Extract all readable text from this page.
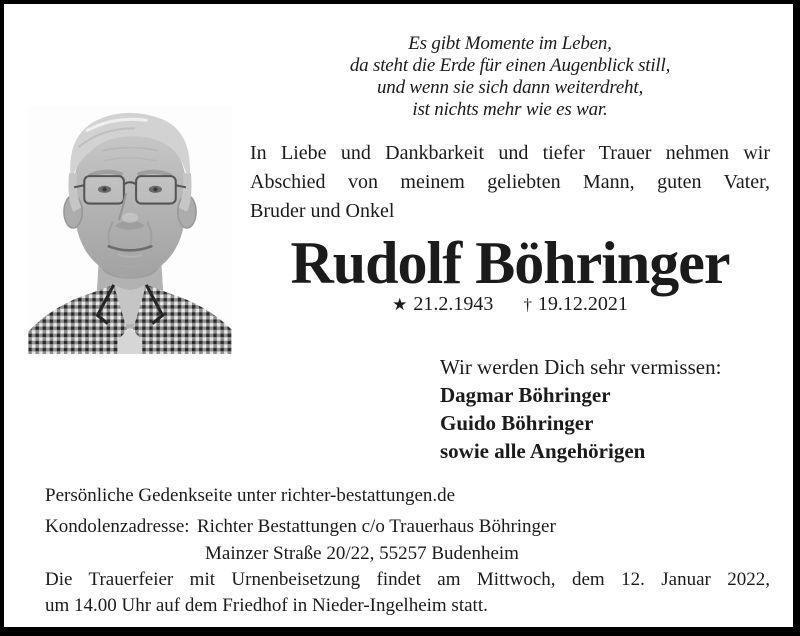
Es gibt Momente im Leben,
da steht die Erde für einen Augenblick still,
und wenn sie sich dann weiterdreht,
ist nichts mehr wie es war.
In Liebe und Dankbarkeit und tiefer Trauer nehmen wir
Abschied von meinem geliebten Mann, guten Vater,
Bruder und Onkel
Rudolf Böhringer
★ 21.2.1943 † 19.12.2021
Wir werden Dich sehr vermissen:
Dagmar Böhringer
Guido Böhringer
sowie alle Angehörigen
Persönliche Gedenkseite unter richter-bestattungen.de
Kondolenzadresse: Richter Bestattungen c/o Trauerhaus Böhringer
Mainzer Straße 20/22, 55257 Budenheim
Die Trauerfeier mit Urnenbeisetzung findet am Mittwoch, dem 12. Januar 2022,
um 14.00 Uhr auf dem Friedhof in Nieder-Ingelheim statt.
